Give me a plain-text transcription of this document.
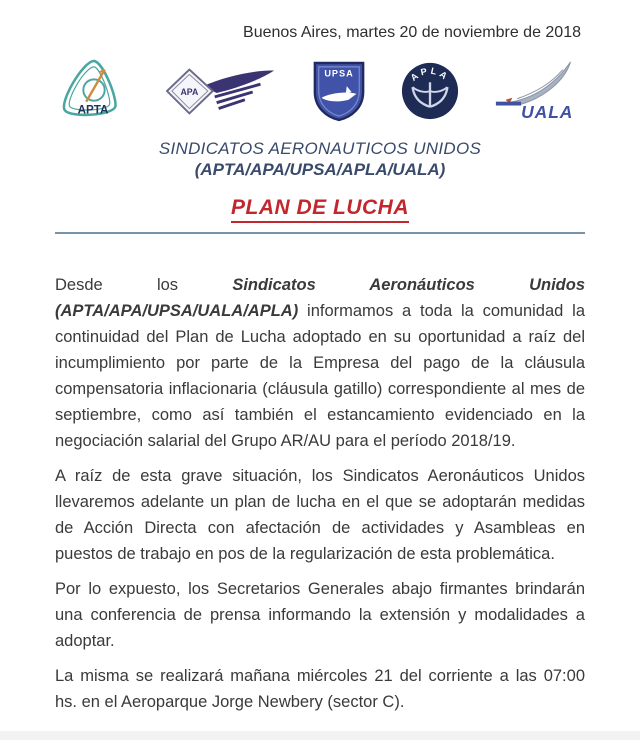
Buenos Aires, martes 20 de noviembre de 2018
APTA
APA
UPSA	APLA
UALA
SINDICATOS AERONAUTICOS UNIDOS
(APTA/APA/UPSA/APLA/UALA)
PLAN DE LUCHA

Desde los Sindicatos Aeronáuticos Unidos (APTA/APA/UPSA/UALA/APLA) informamos a toda la comunidad la continuidad del Plan de Lucha adoptado en su oportunidad a raíz del incumplimiento por parte de la Empresa del pago de la cláusula compensatoria inflacionaria (cláusula gatillo) correspondiente al mes de septiembre, como así también el estancamiento evidenciado en la negociación salarial del Grupo AR/AU para el período 2018/19.

A raíz de esta grave situación, los Sindicatos Aeronáuticos Unidos llevaremos adelante un plan de lucha en el que se adoptarán medidas de Acción Directa con afectación de actividades y Asambleas en puestos de trabajo en pos de la regularización de esta problemática.

Por lo expuesto, los Secretarios Generales abajo firmantes brindarán una conferencia de prensa informando la extensión y modalidades a adoptar.

La misma se realizará mañana miércoles 21 del corriente a las 07:00 hs. en el Aeroparque Jorge Newbery (sector C).
